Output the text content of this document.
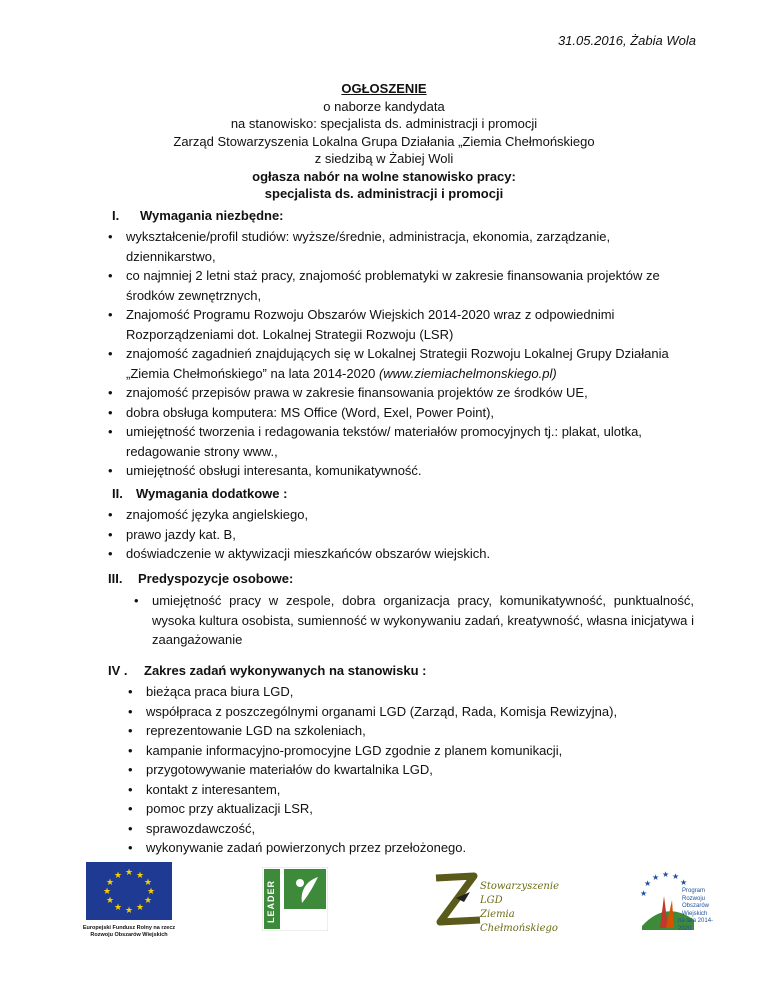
31.05.2016, Żabia Wola
OGŁOSZENIE
o naborze kandydata
na stanowisko: specjalista ds. administracji i promocji
Zarząd Stowarzyszenia Lokalna Grupa Działania „Ziemia Chełmońskiego
z siedzibą w Żabiej Woli
ogłasza nabór na wolne stanowisko pracy:
specjalista ds. administracji i promocji
I. Wymagania niezbędne:
• wykształcenie/profil studiów: wyższe/średnie, administracja, ekonomia, zarządzanie, dziennikarstwo,
• co najmniej 2 letni staż pracy, znajomość problematyki w zakresie finansowania projektów ze środków zewnętrznych,
• Znajomość Programu Rozwoju Obszarów Wiejskich 2014-2020 wraz z odpowiednimi Rozporządzeniami dot. Lokalnej Strategii Rozwoju (LSR)
• znajomość zagadnień znajdujących się w Lokalnej Strategii Rozwoju Lokalnej Grupy Działania „Ziemia Chełmońskiego” na lata 2014-2020 (www.ziemiachelmonskiego.pl)
• znajomość przepisów prawa w zakresie finansowania projektów ze środków UE,
• dobra obsługa komputera: MS Office (Word, Exel, Power Point),
• umiejętność tworzenia i redagowania tekstów/ materiałów promocyjnych tj.: plakat, ulotka, redagowanie strony www.,
• umiejętność obsługi interesanta, komunikatywność.
II. Wymagania dodatkowe :
• znajomość języka angielskiego,
• prawo jazdy kat. B,
• doświadczenie w aktywizacji mieszkańców obszarów wiejskich.
III. Predyspozycje osobowe:
• umiejętność pracy w zespole, dobra organizacja pracy, komunikatywność, punktualność, wysoka kultura osobista, sumienność w wykonywaniu zadań, kreatywność, własna inicjatywa i zaangażowanie
IV . Zakres zadań wykonywanych na stanowisku :
• bieżąca praca biura LGD,
• współpraca z poszczególnymi organami LGD (Zarząd, Rada, Komisja Rewizyjna),
• reprezentowanie LGD na szkoleniach,
• kampanie informacyjno-promocyjne LGD zgodnie z planem komunikacji,
• przygotowywanie materiałów do kwartalnika LGD,
• kontakt z interesantem,
• pomoc przy aktualizacji LSR,
• sprawozdawczość,
• wykonywanie zadań powierzonych przez przełożonego.
★ ★
★
★
★
★
★
★
★
★
★
★
Europejski Fundusz Rolny na rzecz
Rozwoju Obszarów Wiejskich
LEADER	Stowarzyszenie LGD
Ziemia Chełmońskiego
★
★ ★ ★
★
★	Program
Rozwoju
Obszarów
Wiejskich
na lata 2014-2020
